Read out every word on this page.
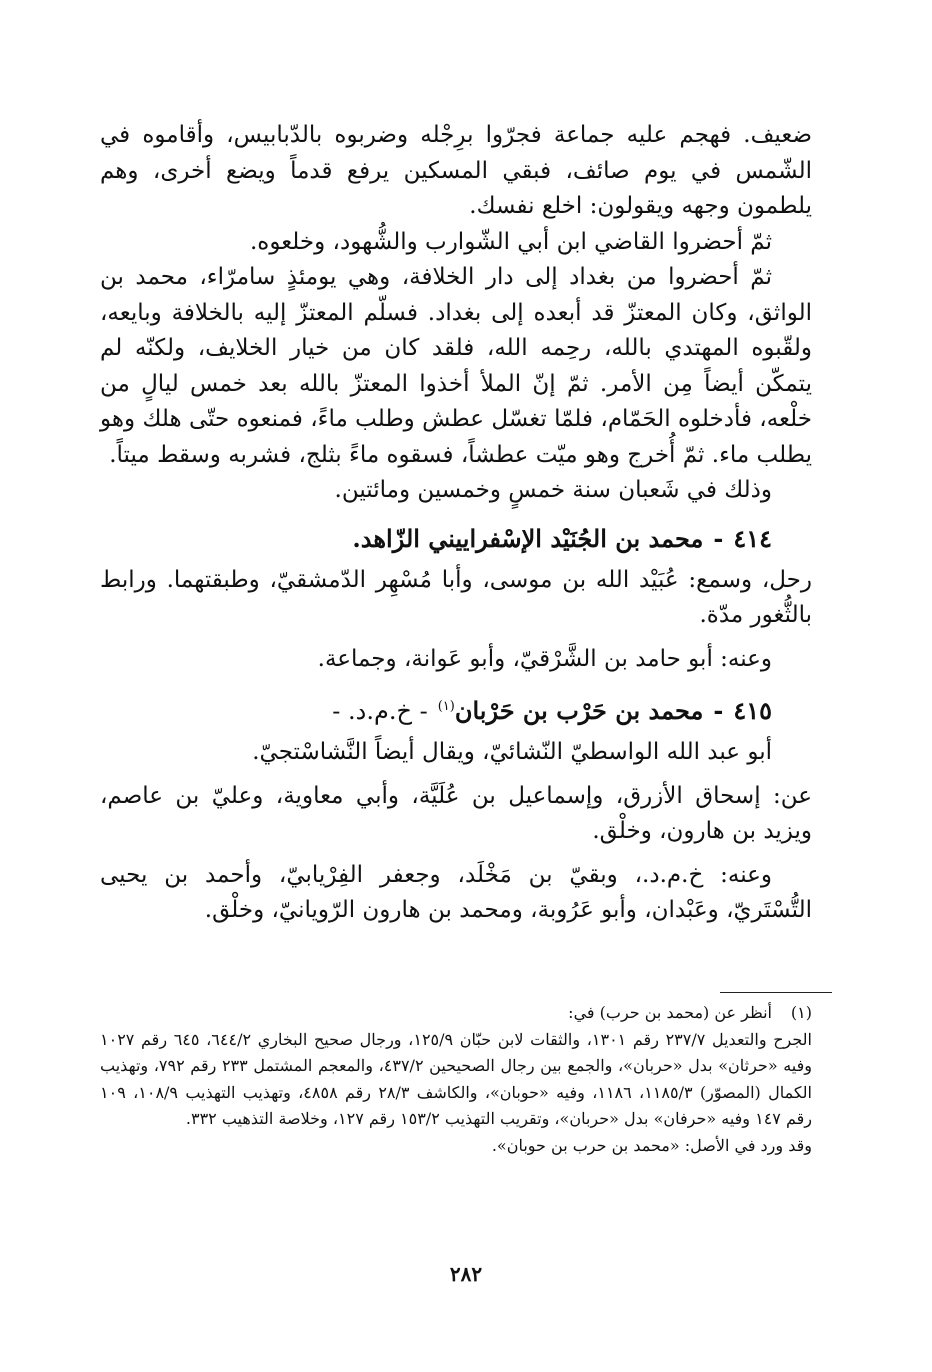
ضعيف. فهجم عليه جماعة فجرّوا برِجْله وضربوه بالدّبابيس، وأقاموه في الشّمس في يوم صائف، فبقي المسكين يرفع قدماً ويضع أخرى، وهم يلطمون وجهه ويقولون: اخلع نفسك.

ثمّ أحضروا القاضي ابن أبي الشّوارب والشُّهود، وخلعوه.

ثمّ أحضروا من بغداد إلى دار الخلافة، وهي يومئذٍ سامرّاء، محمد بن الواثق، وكان المعتزّ قد أبعده إلى بغداد. فسلّم المعتزّ إليه بالخلافة وبايعه، ولقّبوه المهتدي بالله، رحِمه الله، فلقد كان من خيار الخلايف، ولكنّه لم يتمكّن أيضاً مِن الأمر. ثمّ إنّ الملأ أخذوا المعتزّ بالله بعد خمس ليالٍ من خلْعه، فأدخلوه الحَمّام، فلمّا تغسّل عطش وطلب ماءً، فمنعوه حتّى هلك وهو يطلب ماء. ثمّ أُخرج وهو ميّت عطشاً، فسقوه ماءً بثلج، فشربه وسقط ميتاً.

وذلك في شَعبان سنة خمسٍ وخمسين ومائتين.

٤١٤-محمد بن الجُنَيْد الإسْفراييني الزّاهد.

رحل، وسمع: عُبَيْد الله بن موسى، وأبا مُسْهِر الدّمشقيّ، وطبقتهما. ورابط بالثُّغور مدّة.

وعنه: أبو حامد بن الشَّرْقيّ، وأبو عَوانة، وجماعة.

٤١٥-محمد بن حَرْب بن حَرْبان$^{(١)}$- خ.م.د. -

أبو عبد الله الواسطيّ النّشائيّ، ويقال أيضاً النَّشاسْتجيّ.

عن: إسحاق الأزرق، وإسماعيل بن عُلَيَّة، وأبي معاوية، وعليّ بن عاصم، ويزيد بن هارون، وخلْق.

وعنه: خ.م.د.، وبقيّ بن مَخْلَد، وجعفر الفِرْيابيّ، وأحمد بن يحيى التُّسْتَريّ، وعَبْدان، وأبو عَرُوبة، ومحمد بن هارون الرّويانيّ، وخلْق.

(١)
أنظر عن (محمد بن حرب) في:

الجرح والتعديل ٢٣٧/٧ رقم ١٣٠١، والثقات لابن حبّان ١٢٥/٩، ورجال صحيح البخاري ٦٤٤/٢، ٦٤٥ رقم ١٠٢٧ وفيه «حرثان» بدل «حربان»، والجمع بين رجال الصحيحين ٤٣٧/٢، والمعجم المشتمل ٢٣٣ رقم ٧٩٢، وتهذيب الكمال (المصوّر) ١١٨٥/٣، ١١٨٦، وفيه «حوبان»، والكاشف ٢٨/٣ رقم ٤٨٥٨، وتهذيب التهذيب ١٠٨/٩، ١٠٩ رقم ١٤٧ وفيه «حرفان» بدل «حربان»، وتقريب التهذيب ١٥٣/٢ رقم ١٢٧، وخلاصة التذهيب ٣٣٢.

وقد ورد في الأصل: «محمد بن حرب بن حوبان».

٢٨٢
